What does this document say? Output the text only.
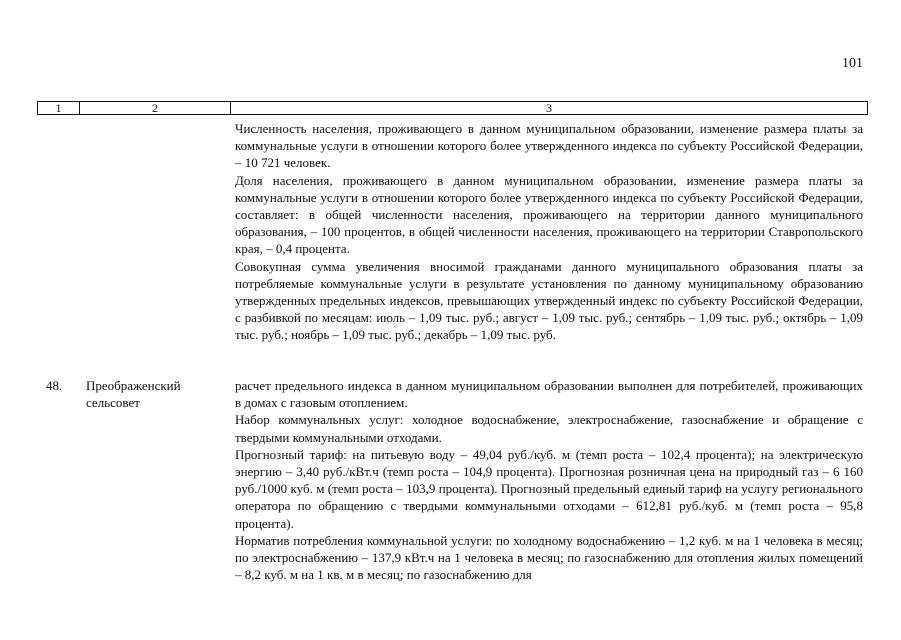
101
1	2	3

Численность населения, проживающего в данном муниципальном образовании, изменение размера платы за коммунальные услуги в отношении которого более утвержденного индекса по субъекту Российской Федерации, – 10 721 человек.

Доля населения, проживающего в данном муниципальном образовании, изменение размера платы за коммунальные услуги в отношении которого более утвержденного индекса по субъекту Российской Федерации, составляет: в общей численности населения, проживающего на территории данного муниципального образования, – 100 процентов, в общей численности населения, проживающего на территории Ставропольского края, – 0,4 процента.

Совокупная сумма увеличения вносимой гражданами данного муниципального образования платы за потребляемые коммунальные услуги в результате установления по данному муниципальному образованию утвержденных предельных индексов, превышающих утвержденный индекс по субъекту Российской Федерации, с разбивкой по месяцам: июль – 1,09 тыс. руб.; август – 1,09 тыс. руб.; сентябрь – 1,09 тыс. руб.; октябрь – 1,09 тыс. руб.; ноябрь – 1,09 тыс. руб.; декабрь – 1,09 тыс. руб.

48. Преображенский сельсовет

расчет предельного индекса в данном муниципальном образовании выполнен для потребителей, проживающих в домах с газовым отоплением.

Набор коммунальных услуг: холодное водоснабжение, электроснабжение, газоснабжение и обращение с твердыми коммунальными отходами.

Прогнозный тариф: на питьевую воду – 49,04 руб./куб. м (темп роста – 102,4 процента); на электрическую энергию – 3,40 руб./кВт.ч (темп роста – 104,9 процента). Прогнозная розничная цена на природный газ – 6 160 руб./1000 куб. м (темп роста – 103,9 процента). Прогнозный предельный единый тариф на услугу регионального оператора по обращению с твердыми коммунальными отходами – 612,81 руб./куб. м (темп роста – 95,8 процента).

Норматив потребления коммунальной услуги: по холодному водоснабжению – 1,2 куб. м на 1 человека в месяц; по электроснабжению – 137,9 кВт.ч на 1 человека в месяц; по газоснабжению для отопления жилых помещений – 8,2 куб. м на 1 кв. м в месяц; по газоснабжению для
